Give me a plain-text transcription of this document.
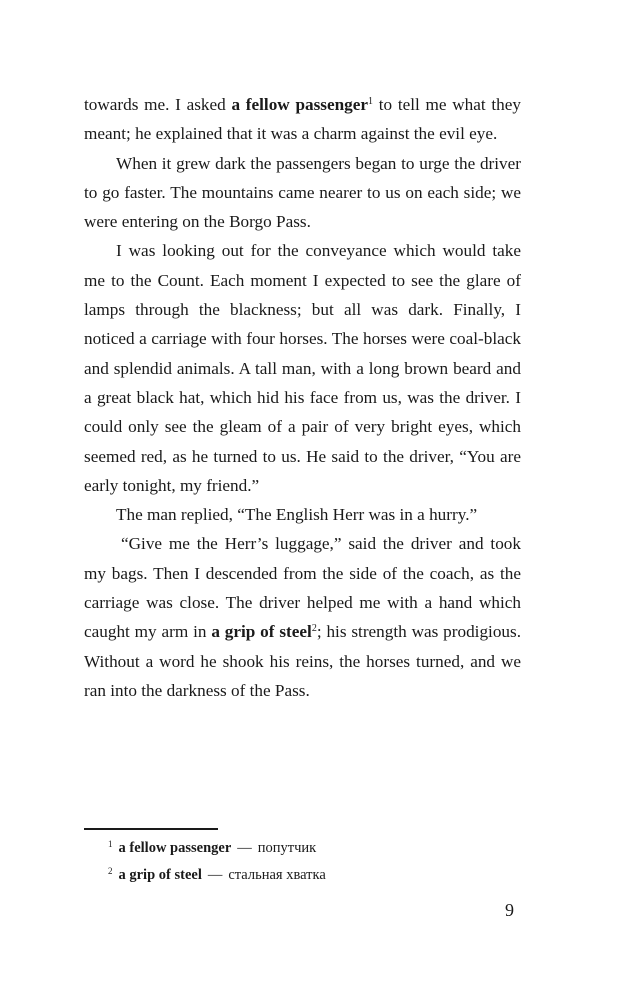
towards me. I asked a fellow passenger$^1$ to tell me what they meant; he explained that it was a charm against the evil eye.

When it grew dark the passengers began to urge the driver to go faster. The mountains came nearer to us on each side; we were entering on the Borgo Pass.

I was looking out for the conveyance which would take me to the Count. Each moment I expected to see the glare of lamps through the blackness; but all was dark. Finally, I noticed a carriage with four horses. The horses were coal-black and splendid animals. A tall man, with a long brown beard and a great black hat, which hid his face from us, was the driver. I could only see the gleam of a pair of very bright eyes, which seemed red, as he turned to us. He said to the driver, “You are early tonight, my friend.”

The man replied, “The English Herr was in a hurry.”

“Give me the Herr’s luggage,” said the driver and took my bags. Then I descended from the side of the coach, as the carriage was close. The driver helped me with a hand which caught my arm in a grip of steel$^2$; his strength was prodigious. Without a word he shook his reins, the horses turned, and we ran into the darkness of the Pass.

$^1$ a fellow passenger — попутчик
$^2$ a grip of steel — стальная хватка
9
